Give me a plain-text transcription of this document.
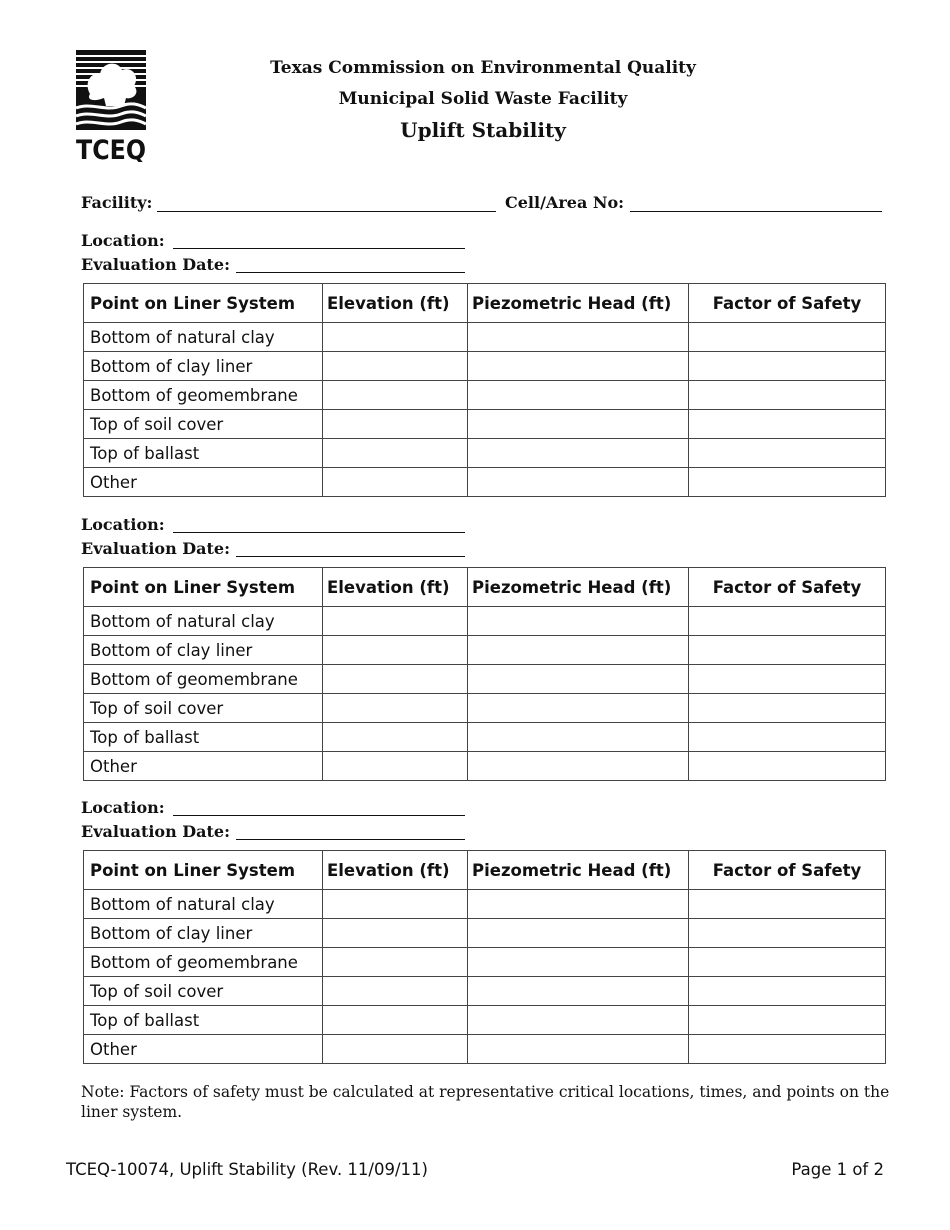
TCEQ
Texas Commission on Environmental Quality
Municipal Solid Waste Facility
Uplift Stability
Facility:	Cell/Area No:
Location:
Evaluation Date:
Point on Liner System	Elevation (ft)	Piezometric Head (ft)	Factor of Safety
Bottom of natural clay			
Bottom of clay liner			
Bottom of geomembrane			
Top of soil cover			
Top of ballast			
Other			
Location:
Evaluation Date:
Point on Liner System	Elevation (ft)	Piezometric Head (ft)	Factor of Safety
Bottom of natural clay			
Bottom of clay liner			
Bottom of geomembrane			
Top of soil cover			
Top of ballast			
Other			
Location:
Evaluation Date:
Point on Liner System	Elevation (ft)	Piezometric Head (ft)	Factor of Safety
Bottom of natural clay			
Bottom of clay liner			
Bottom of geomembrane			
Top of soil cover			
Top of ballast			
Other			
Note: Factors of safety must be calculated at representative critical locations, times, and points on the liner system.
TCEQ-10074, Uplift Stability (Rev. 11/09/11)	Page 1 of 2
